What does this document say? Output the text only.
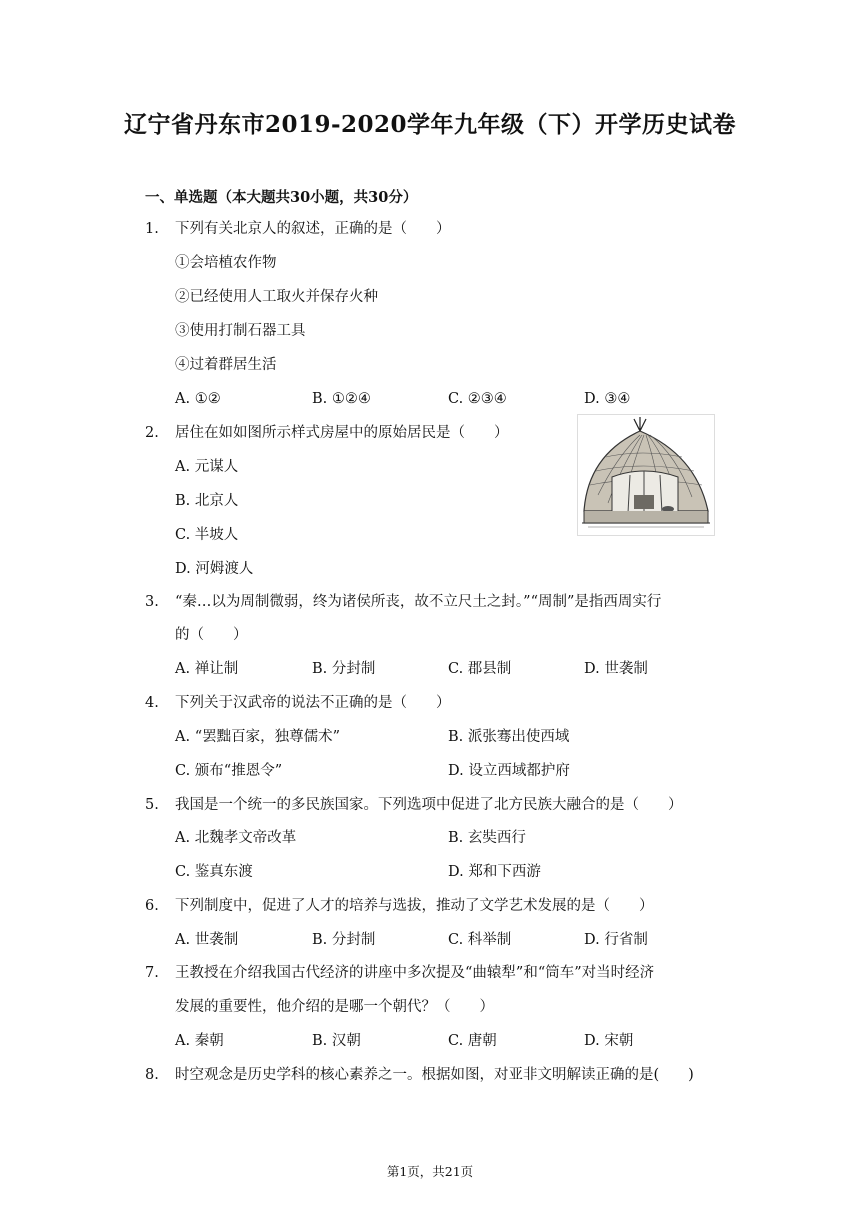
辽宁省丹东市2019-2020学年九年级（下）开学历史试卷
一、单选题（本大题共30小题，共30分）
1. 下列有关北京人的叙述，正确的是（　　）
①会培植农作物
②已经使用人工取火并保存火种
③使用打制石器工具
④过着群居生活
A. ①②	B. ①②④	C. ②③④	D. ③④
2. 居住在如如图所示样式房屋中的原始居民是（　　）
A. 元谋人
B. 北京人
C. 半坡人
D. 河姆渡人
3. “秦…以为周制微弱，终为诸侯所丧，故不立尺土之封。”“周制”是指西周实行
的（　　）
A. 禅让制	B. 分封制	C. 郡县制	D. 世袭制
4. 下列关于汉武帝的说法不正确的是（　　）
A. “罢黜百家，独尊儒术”	B. 派张骞出使西域
C. 颁布“推恩令”	D. 设立西域都护府
5. 我国是一个统一的多民族国家。下列选项中促进了北方民族大融合的是（　　）
A. 北魏孝文帝改革	B. 玄奘西行
C. 鉴真东渡	D. 郑和下西游
6. 下列制度中，促进了人才的培养与选拔，推动了文学艺术发展的是（　　）
A. 世袭制	B. 分封制	C. 科举制	D. 行省制
7. 王教授在介绍我国古代经济的讲座中多次提及“曲辕犁”和“筒车”对当时经济
发展的重要性，他介绍的是哪一个朝代？（　　）
A. 秦朝	B. 汉朝	C. 唐朝	D. 宋朝
8. 时空观念是历史学科的核心素养之一。根据如图，对亚非文明解读正确的是(　　)
第1页，共21页
